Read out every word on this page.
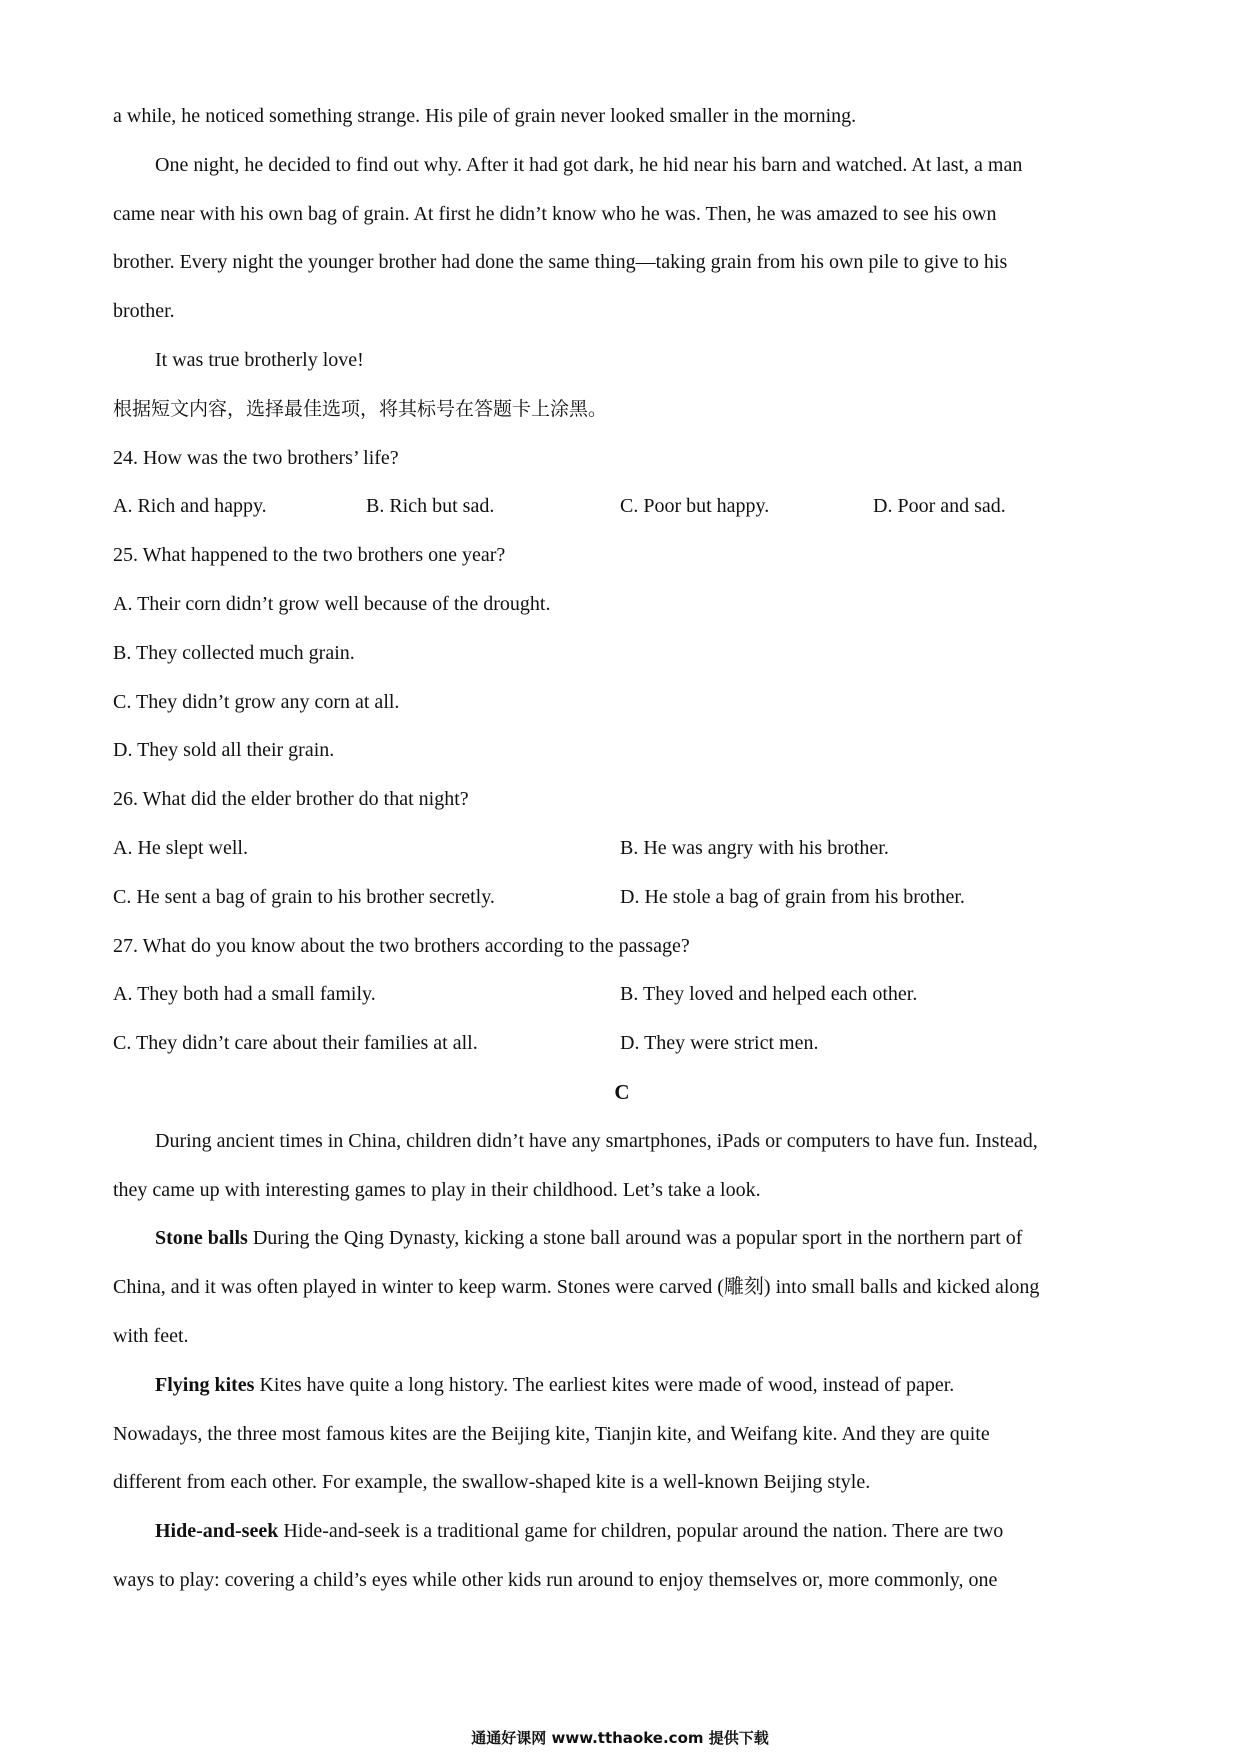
a while, he noticed something strange. His pile of grain never looked smaller in the morning.
One night, he decided to find out why. After it had got dark, he hid near his barn and watched. At last, a man
came near with his own bag of grain. At first he didn’t know who he was. Then, he was amazed to see his own
brother. Every night the younger brother had done the same thing—taking grain from his own pile to give to his
brother.
It was true brotherly love!
根据短文内容，选择最佳选项，将其标号在答题卡上涂黑。
24. How was the two brothers’ life?
A. Rich and happy.	B. Rich but sad.	C. Poor but happy.	D. Poor and sad.
25. What happened to the two brothers one year?
A. Their corn didn’t grow well because of the drought.
B. They collected much grain.
C. They didn’t grow any corn at all.
D. They sold all their grain.
26. What did the elder brother do that night?
A. He slept well.	B. He was angry with his brother.
C. He sent a bag of grain to his brother secretly.	D. He stole a bag of grain from his brother.
27. What do you know about the two brothers according to the passage?
A. They both had a small family.	B. They loved and helped each other.
C. They didn’t care about their families at all.	D. They were strict men.
C
During ancient times in China, children didn’t have any smartphones, iPads or computers to have fun. Instead,
they came up with interesting games to play in their childhood. Let’s take a look.
Stone balls During the Qing Dynasty, kicking a stone ball around was a popular sport in the northern part of
China, and it was often played in winter to keep warm. Stones were carved (雕刻) into small balls and kicked along
with feet.
Flying kites Kites have quite a long history. The earliest kites were made of wood, instead of paper.
Nowadays, the three most famous kites are the Beijing kite, Tianjin kite, and Weifang kite. And they are quite
different from each other. For example, the swallow-shaped kite is a well-known Beijing style.
Hide-and-seek Hide-and-seek is a traditional game for children, popular around the nation. There are two
ways to play: covering a child’s eyes while other kids run around to enjoy themselves or, more commonly, one
通通好课网 www.tthaoke.com 提供下载
